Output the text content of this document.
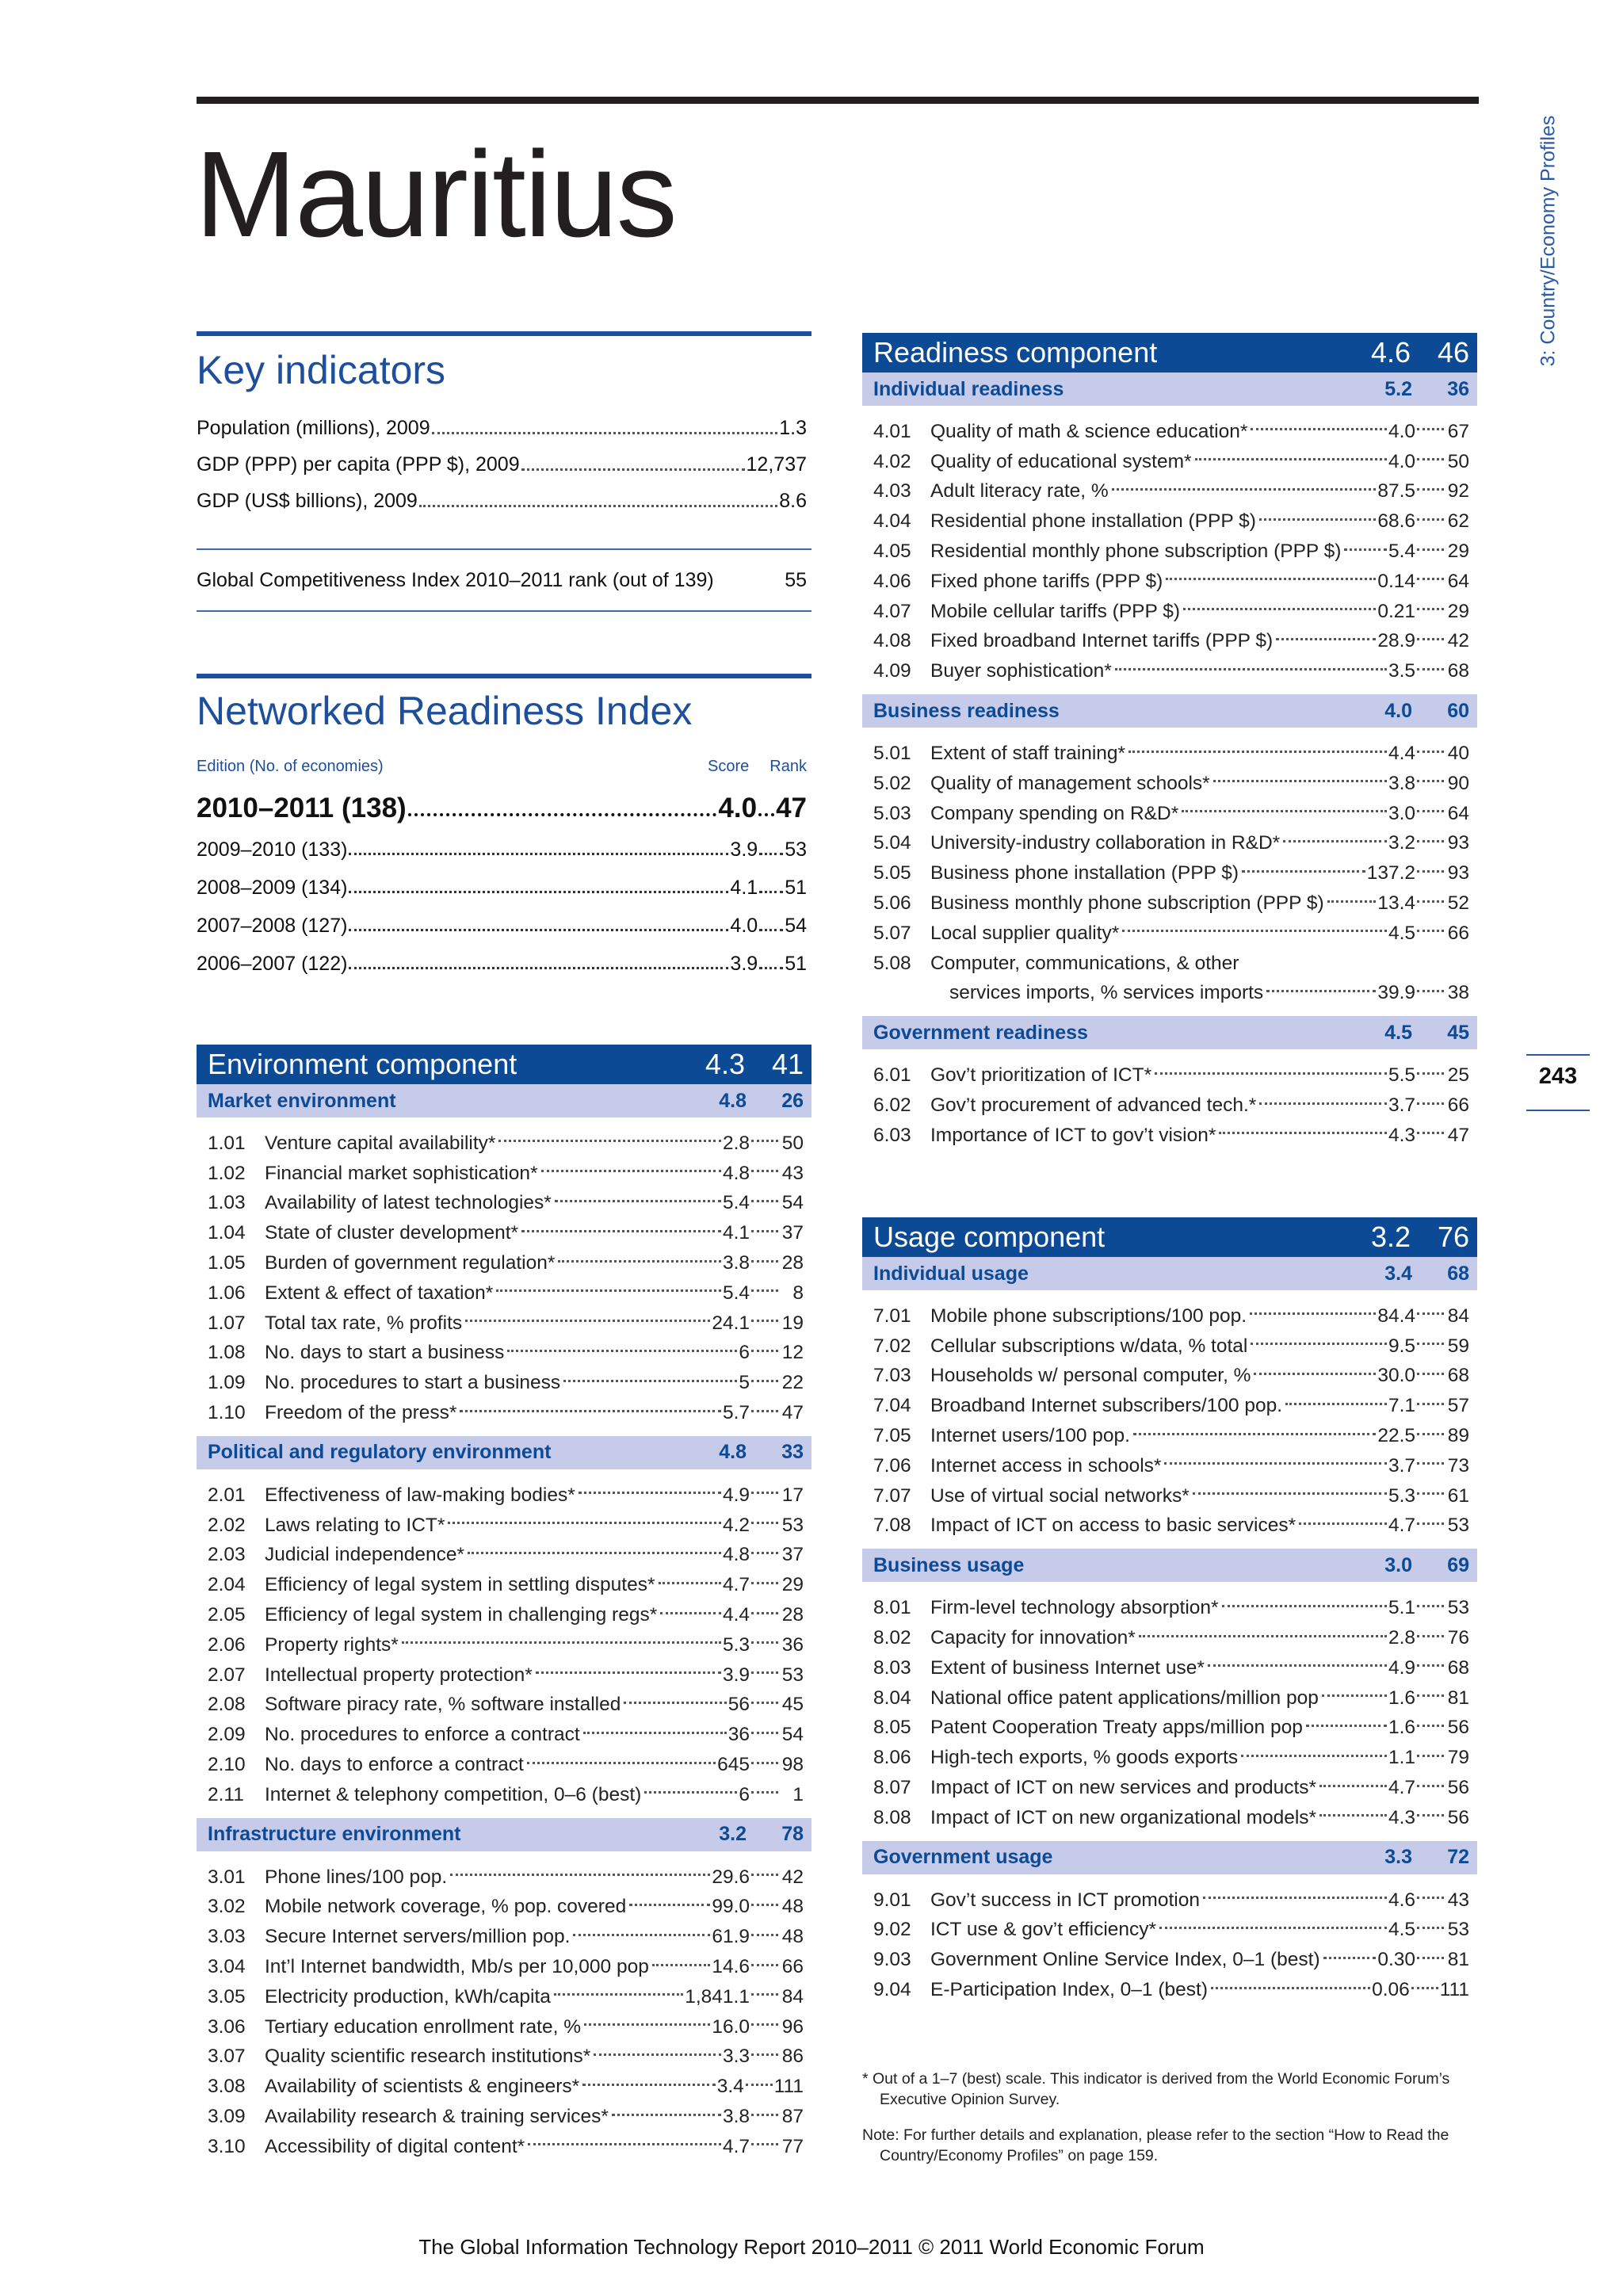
Mauritius	3: Country/Economy Profiles
243
The Global Information Technology Report 2010–2011 © 2011 World Economic Forum
Key indicators
Population (millions), 2009	1.3
GDP (PPP) per capita (PPP $), 2009	12,737
GDP (US$ billions), 2009	8.6
Global Competitiveness Index 2010–2011 rank (out of 139)	55
Networked Readiness Index
Edition (No. of economies)	Score Rank
2010–2011 (138)	4.0 47
2009–2010 (133)	3.9 53
2008–2009 (134)	4.1 51
2007–2008 (127)	4.0 54
2006–2007 (122)	3.9 51
Environment component	4.3 41
Market environment	4.8	26
1.01 Venture capital availability*	2.8 50
1.02 Financial market sophistication*	4.8 43
1.03 Availability of latest technologies*	5.4 54
1.04 State of cluster development*	4.1 37
1.05 Burden of government regulation*	3.8 28
1.06 Extent & effect of taxation*	5.4	8
1.07 Total tax rate, % profits	24.1 19
1.08 No. days to start a business	6 12
1.09 No. procedures to start a business	5 22
1.10 Freedom of the press*	5.7 47
Political and regulatory environment	4.8	33
2.01 Effectiveness of law-making bodies*	4.9 17
2.02 Laws relating to ICT*	4.2 53
2.03 Judicial independence*	4.8 37
2.04 Efficiency of legal system in settling disputes*	4.7 29
2.05 Efficiency of legal system in challenging regs*	4.4 28
2.06 Property rights*	5.3 36
2.07 Intellectual property protection*	3.9 53
2.08 Software piracy rate, % software installed	56 45
2.09 No. procedures to enforce a contract	36 54
2.10 No. days to enforce a contract	645 98
2.11	Internet & telephony competition, 0–6 (best)	6	1
Infrastructure environment	3.2	78
3.01 Phone lines/100 pop.	29.6 42
3.02 Mobile network coverage, % pop. covered	99.0 48
3.03 Secure Internet servers/million pop.	61.9 48
3.04 Int’l Internet bandwidth, Mb/s per 10,000 pop	14.6 66
3.05 Electricity production, kWh/capita	1,841.1 84
3.06 Tertiary education enrollment rate, %	16.0 96
3.07 Quality scientific research institutions*	3.3 86
3.08 Availability of scientists & engineers*	3.4 111
3.09 Availability research & training services*	3.8 87
3.10 Accessibility of digital content*	4.7 77
Readiness component	4.6 46
Individual readiness	5.2	36
4.01 Quality of math & science education*	4.0 67
4.02 Quality of educational system*	4.0 50
4.03 Adult literacy rate, %	87.5 92
4.04 Residential phone installation (PPP $)	68.6 62
4.05 Residential monthly phone subscription (PPP $) 5.4 29
4.06 Fixed phone tariffs (PPP $)	0.14 64
4.07 Mobile cellular tariffs (PPP $)	0.21 29
4.08 Fixed broadband Internet tariffs (PPP $)	28.9 42
4.09 Buyer sophistication*	3.5 68
Business readiness	4.0	60
5.01 Extent of staff training*	4.4 40
5.02 Quality of management schools*	3.8 90
5.03 Company spending on R&D*	3.0 64
5.04 University-industry collaboration in R&D*	3.2 93
5.05 Business phone installation (PPP $)	137.2 93
5.06 Business monthly phone subscription (PPP $)	13.4 52
5.07 Local supplier quality*	4.5 66
5.08 Computer, communications, & other
services imports, % services imports	39.9 38
Government readiness	4.5	45
6.01 Gov’t prioritization of ICT*	5.5 25
6.02 Gov’t procurement of advanced tech.*	3.7 66
6.03 Importance of ICT to gov’t vision*	4.3 47
Usage component	3.2 76
Individual usage	3.4	68
7.01 Mobile phone subscriptions/100 pop.	84.4 84
7.02 Cellular subscriptions w/data, % total	9.5 59
7.03 Households w/ personal computer, %	30.0 68
7.04 Broadband Internet subscribers/100 pop.	7.1 57
7.05 Internet users/100 pop.	22.5 89
7.06 Internet access in schools*	3.7 73
7.07 Use of virtual social networks*	5.3 61
7.08 Impact of ICT on access to basic services*	4.7 53
Business usage	3.0	69
8.01 Firm-level technology absorption*	5.1 53
8.02 Capacity for innovation*	2.8 76
8.03 Extent of business Internet use*	4.9 68
8.04 National office patent applications/million pop	1.6 81
8.05 Patent Cooperation Treaty apps/million pop	1.6 56
8.06 High-tech exports, % goods exports	1.1 79
8.07 Impact of ICT on new services and products*	4.7 56
8.08 Impact of ICT on new organizational models*	4.3 56
Government usage	3.3	72
9.01 Gov’t success in ICT promotion	4.6 43
9.02 ICT use & gov’t efficiency*	4.5 53
9.03 Government Online Service Index, 0–1 (best)	0.30 81
9.04 E-Participation Index, 0–1 (best)	0.06 111

* Out of a 1–7 (best) scale. This indicator is derived from the World Economic Forum’s Executive Opinion Survey.

Note: For further details and explanation, please refer to the section “How to Read the Country/Economy Profiles” on page 159.
